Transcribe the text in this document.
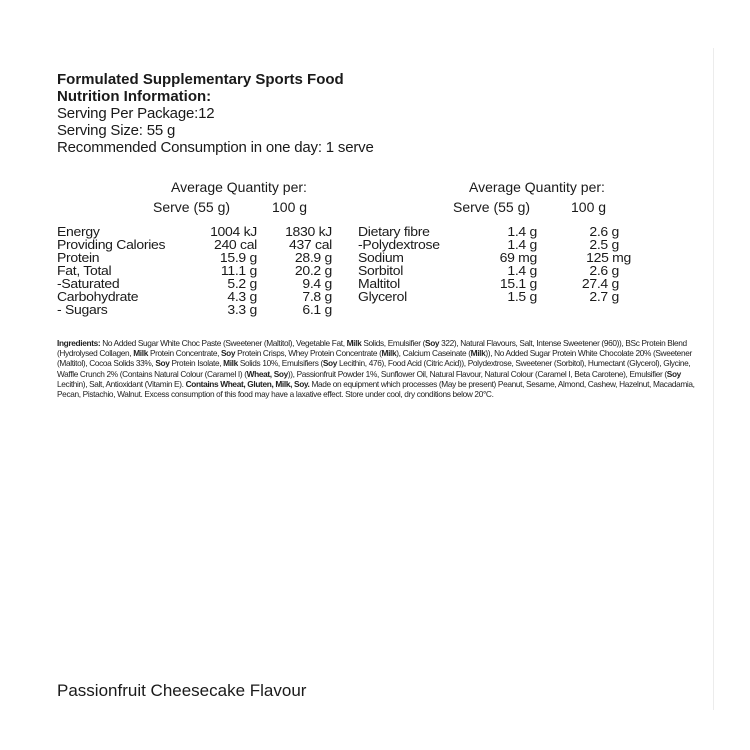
Formulated Supplementary Sports Food
Nutrition Information:
Serving Per Package:12
Serving Size: 55 g
Recommended Consumption in one day: 1 serve
Average Quantity per:
Serve (55 g)	100 g
Energy	1004 kJ 1830 kJ
Providing Calories	240 cal 437 cal
Protein	15.9 g	28.9 g
Fat, Total	11.1 g	20.2 g
-Saturated	5.2 g	9.4 g
Carbohydrate	4.3 g	7.8 g
- Sugars	3.3 g	6.1 g
Average Quantity per:
Serve (55 g)	100 g
Dietary fibre	1.4 g	2.6 g
-Polydextrose	1.4 g	2.5 g
Sodium	69 mg	125 mg
Sorbitol	1.4 g	2.6 g
Maltitol	15.1 g	27.4 g
Glycerol	1.5 g	2.7 g
Ingredients: No Added Sugar White Choc Paste (Sweetener (Maltitol), Vegetable Fat, Milk Solids, Emulsifier (Soy 322), Natural Flavours, Salt, Intense Sweetener (960)), BSc Protein Blend (Hydrolysed Collagen, Milk Protein Concentrate, Soy Protein Crisps, Whey Protein Concentrate (Milk), Calcium Caseinate (Milk)), No Added Sugar Protein White Chocolate 20% (Sweetener (Maltitol), Cocoa Solids 33%, Soy Protein Isolate, Milk Solids 10%, Emulsifiers (Soy Lecithin, 476), Food Acid (Citric Acid)), Polydextrose, Sweetener (Sorbitol), Humectant (Glycerol), Glycine, Waffle Crunch 2% (Contains Natural Colour (Caramel I) (Wheat, Soy)), Passionfruit Powder 1%, Sunflower Oil, Natural Flavour, Natural Colour (Caramel I, Beta Carotene), Emulsifier (Soy Lecithin), Salt, Antioxidant (Vitamin E). Contains Wheat, Gluten, Milk, Soy. Made on equipment which processes (May be present) Peanut, Sesame, Almond, Cashew, Hazelnut, Macadamia, Pecan, Pistachio, Walnut. Excess consumption of this food may have a laxative effect. Store under cool, dry conditions below 20°C.
Passionfruit Cheesecake Flavour
